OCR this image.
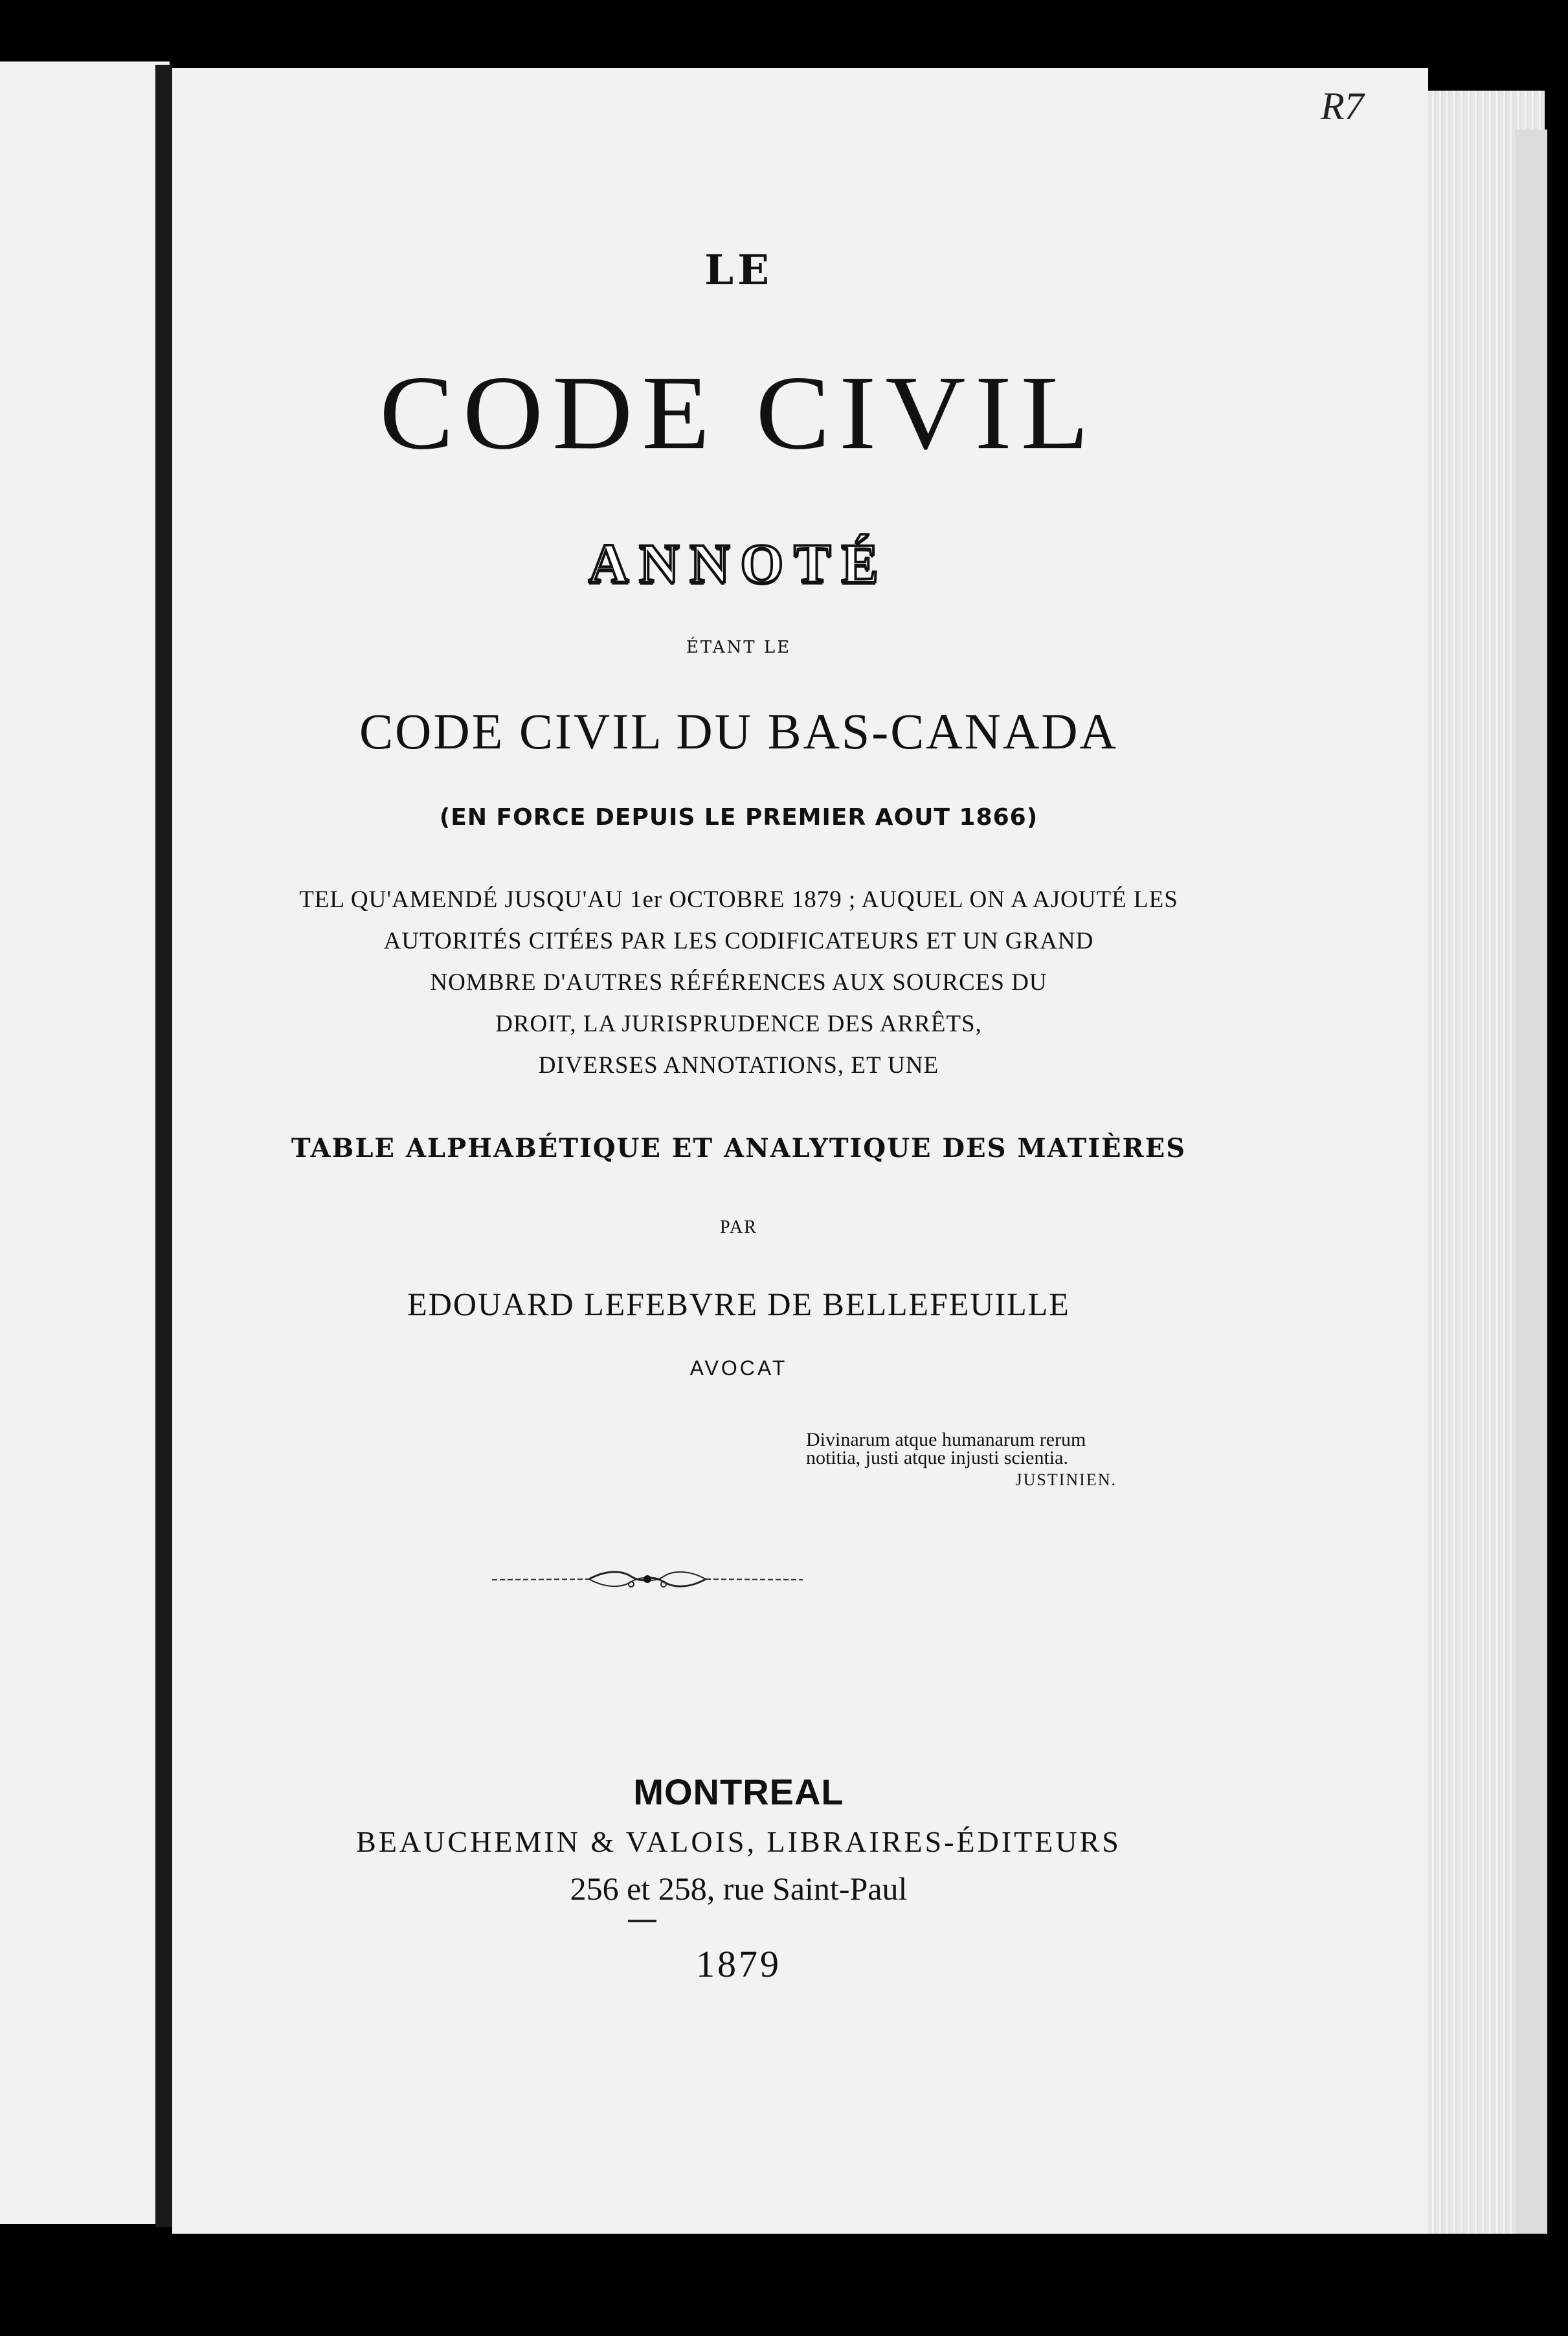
R7
LE
CODE CIVIL
ANNOTÉ
ÉTANT LE
CODE CIVIL DU BAS-CANADA
(EN FORCE DEPUIS LE PREMIER AOUT 1866)
TEL QU'AMENDÉ JUSQU'AU 1er OCTOBRE 1879 ; AUQUEL ON A AJOUTÉ LES
AUTORITÉS CITÉES PAR LES CODIFICATEURS ET UN GRAND
NOMBRE D'AUTRES RÉFÉRENCES AUX SOURCES DU
DROIT, LA JURISPRUDENCE DES ARRÊTS,
DIVERSES ANNOTATIONS, ET UNE
TABLE ALPHABÉTIQUE ET ANALYTIQUE DES MATIÈRES
PAR
EDOUARD LEFEBVRE DE BELLEFEUILLE
AVOCAT
Divinarum atque humanarum rerum notitia, justi atque injusti scientia.
JUSTINIEN.
MONTREAL
BEAUCHEMIN & VALOIS, LIBRAIRES-ÉDITEURS
256 et 258, rue Saint-Paul
1879
